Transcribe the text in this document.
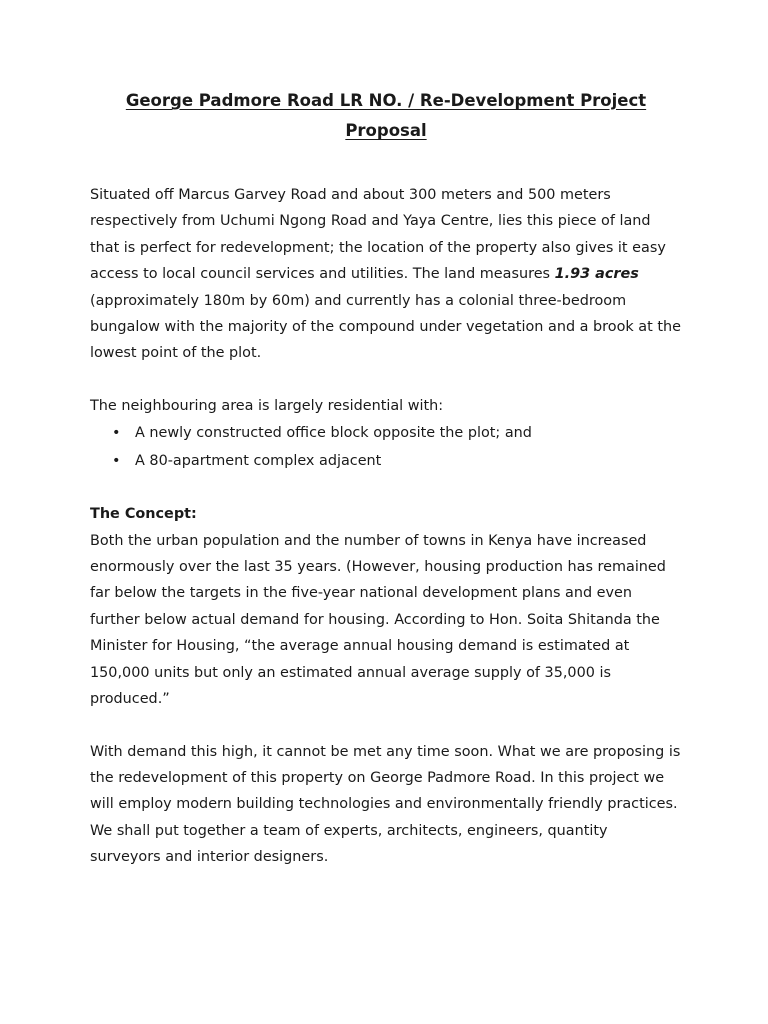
George Padmore Road LR NO. / Re-Development Project
Proposal

Situated off Marcus Garvey Road and about 300 meters and 500 meters respectively from Uchumi Ngong Road and Yaya Centre, lies this piece of land that is perfect for redevelopment; the location of the property also gives it easy access to local council services and utilities. The land measures 1.93 acres (approximately 180m by 60m) and currently has a colonial three-bedroom bungalow with the majority of the compound under vegetation and a brook at the lowest point of the plot.

The neighbouring area is largely residential with:

• A newly constructed office block opposite the plot; and
• A 80-apartment complex adjacent

The Concept:

Both the urban population and the number of towns in Kenya have increased enormously over the last 35 years. (However, housing production has remained far below the targets in the five-year national development plans and even further below actual demand for housing. According to Hon. Soita Shitanda the Minister for Housing, “the average annual housing demand is estimated at 150,000 units but only an estimated annual average supply of 35,000 is produced.”

With demand this high, it cannot be met any time soon. What we are proposing is the redevelopment of this property on George Padmore Road. In this project we will employ modern building technologies and environmentally friendly practices. We shall put together a team of experts, architects, engineers, quantity surveyors and interior designers.
